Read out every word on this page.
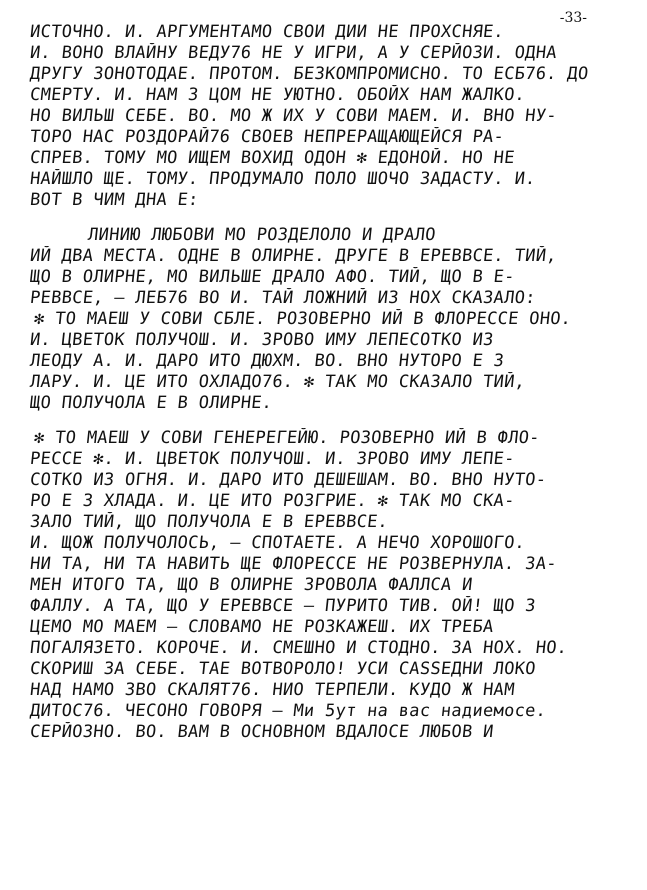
-33-
ИСТОЧНО. И. АРГУМЕНТАМО СВОИ ДИИ НЕ ПРОХСНЯЕ.
И. ВОНО ВЛАЙНУ ВЕДУ76 НЕ У ИГРИ, А У СЕРЙОЗИ. ОДНА
ДРУГУ ЗОНОТОДАЕ. ПРОТОМ. БЕЗКОМПРОМИСНО. ТО ЕСБ76. ДО
СМЕРТУ. И. НАМ З ЦОМ НЕ УЮТНО. ОБОЙХ НАМ ЖАЛКО.
НО ВИЛЬШ СЕБЕ. ВО. МО Ж ИХ У СОВИ МАЕМ. И. ВНО НУ-
ТОРО НАС РОЗДОРАЙ76 СВОЕВ НЕПРЕРАЩАЮЩЕЙСЯ РА-
СПРЕВ. ТОМУ МО ИЩЕМ ВОХИД ОДОН ✻ ЕДОНОЙ. НО НЕ
НАЙШЛО ЩЕ. ТОМУ. ПРОДУМАЛО ПОЛО ШОЧО ЗАДАСТУ. И.
ВОТ В ЧИМ ДНА Е:
ЛИНИЮ ЛЮБОВИ МО РОЗДЕЛОЛО И ДРАЛО
ИЙ ДВА МЕСТА. ОДНЕ В ОЛИРНЕ. ДРУГЕ В ЕРЕВВСЕ. ТИЙ,
ЩО В ОЛИРНЕ, МО ВИЛЬШЕ ДРАЛО АФО. ТИЙ, ЩО В Е-
РЕВВСЕ, — ЛЕБ76 ВО И. ТАЙ ЛОЖНИЙ ИЗ НОХ СКАЗАЛО:
✻ ТО МАЕШ У СОВИ СБЛЕ. РОЗОВЕРНО ИЙ В ФЛОРЕССЕ ОНО.
И. ЦВЕТОК ПОЛУЧОШ. И. ЗРОВО ИМУ ЛЕПЕСОТКО ИЗ
ЛЕОДУ А. И. ДАРО ИТО ДЮХМ. ВО. ВНО НУТОРО Е З
ЛАРУ. И. ЦЕ ИТО ОХЛАДО76. ✻ ТАК МО СКАЗАЛО ТИЙ,
ЩО ПОЛУЧОЛА Е В ОЛИРНЕ.
✻ ТО МАЕШ У СОВИ ГЕНЕРЕГЕЙЮ. РОЗОВЕРНО ИЙ В ФЛО-
РЕССЕ ✻. И. ЦВЕТОК ПОЛУЧОШ. И. ЗРОВО ИМУ ЛЕПЕ-
СОТКО ИЗ ОГНЯ. И. ДАРО ИТО ДЕШЕШАМ. ВО. ВНО НУТО-
РО Е З ХЛАДА. И. ЦЕ ИТО РОЗГРИЕ. ✻ ТАК МО СКА-
ЗАЛО ТИЙ, ЩО ПОЛУЧОЛА Е В ЕРЕВВСЕ.
И. ЩОЖ ПОЛУЧОЛОСЬ, — СПОТАЕТЕ. А НЕЧО ХОРОШОГО.
НИ ТА, НИ ТА НАВИТЬ ЩЕ ФЛОРЕССЕ НЕ РОЗВЕРНУЛА. ЗА-
МЕН ИТОГО ТА, ЩО В ОЛИРНЕ ЗРОВОЛА ФАЛЛСА И
ФАЛЛУ. А ТА, ЩО У ЕРЕВВСЕ — ПУРИТО ТИВ. ОЙ! ЩО З
ЦЕМО МО МАЕМ — СЛОВАМО НЕ РОЗКАЖЕШ. ИХ ТРЕБА
ПОГАЛЯЗЕТО. КОРОЧЕ. И. СМЕШНО И СТОДНО. ЗА НОХ. НО.
СКОРИШ ЗА СЕБЕ. ТАЕ ВОТВОРОЛО! УСИ CASSEДНИ ЛОКО
НАД НАМО ЗВО СКАЛЯТ76. НИО ТЕРПЕЛИ. КУДО Ж НАМ
ДИТОС76. ЧЕСОНО ГОВОРЯ — Ми 5ут на вас надиемосе.
СЕРЙОЗНО. ВО. ВАМ В ОСНОВНОМ ВДАЛОСЕ ЛЮБОВ И
